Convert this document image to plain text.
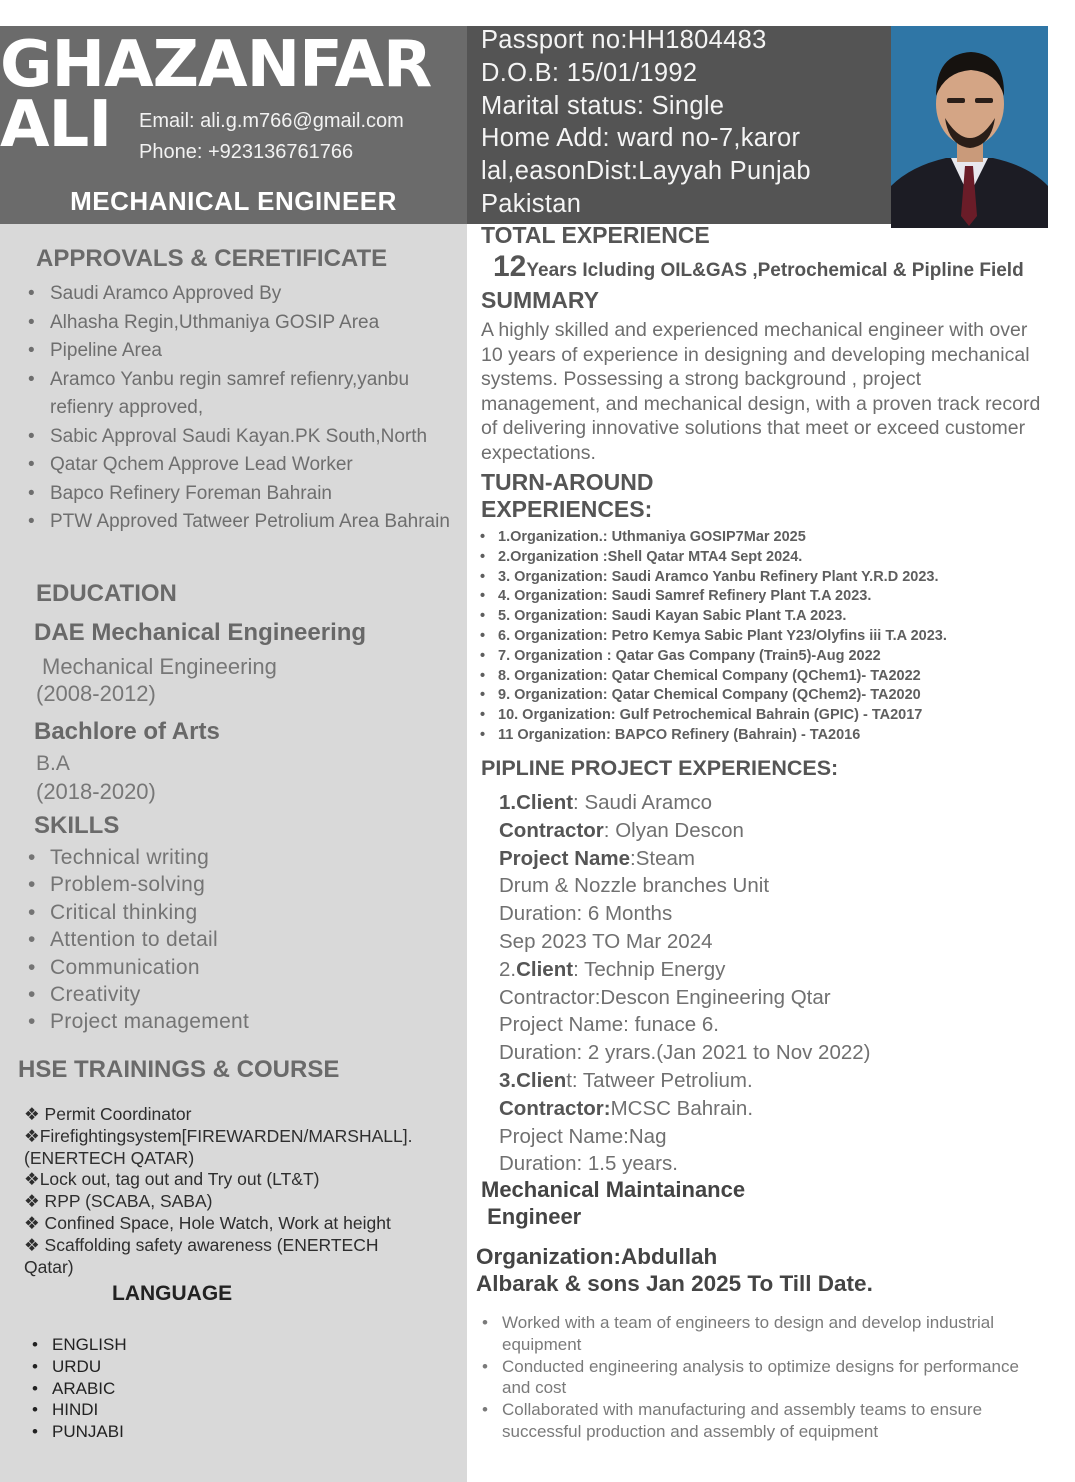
GHAZANFAR
ALI Email: ali.g.m766@gmail.com
Phone: +923136761766
MECHANICAL ENGINEER
APPROVALS & CERETIFICATE
• Saudi Aramco Approved By
• Alhasha Regin,Uthmaniya GOSIP Area
• Pipeline Area
• Aramco Yanbu regin samref refienry,yanbu refienry approved,
• Sabic Approval Saudi Kayan.PK South,North
• Qatar Qchem Approve Lead Worker
• Bapco Refinery Foreman Bahrain
• PTW Approved Tatweer Petrolium Area Bahrain
EDUCATION
DAE Mechanical Engineering
Mechanical Engineering
(2008-2012)
Bachlore of Arts
B.A
(2018-2020)
SKILLS
• Technical writing
• Problem-solving
• Critical thinking
• Attention to detail
• Communication
• Creativity
• Project management
HSE TRAININGS & COURSE
❖ Permit Coordinator
❖Firefightingsystem[FIREWARDEN/MARSHALL].
(ENERTECH QATAR)
❖Lock out, tag out and Try out (LT&T)
❖ RPP (SCABA, SABA)
❖ Confined Space, Hole Watch, Work at height
❖ Scaffolding safety awareness (ENERTECH
Qatar)
LANGUAGE
• ENGLISH
• URDU
• ARABIC
• HINDI
• PUNJABI
Passport no:HH1804483
D.O.B: 15/01/1992
Marital status: Single
Home Add: ward no-7,karor
lal,easonDist:Layyah Punjab
Pakistan
TOTAL EXPERIENCE
12Years Icluding OIL&GAS ,Petrochemical & Pipline Field
SUMMARY
A highly skilled and experienced mechanical engineer with over 10 years of experience in designing and developing mechanical systems. Possessing a strong background , project management, and mechanical design, with a proven track record of delivering innovative solutions that meet or exceed customer expectations.
TURN-AROUND
EXPERIENCES:
• 1.Organization.: Uthmaniya GOSIP7Mar 2025
• 2.Organization :Shell Qatar MTA4 Sept 2024.
• 3. Organization: Saudi Aramco Yanbu Refinery Plant Y.R.D 2023.
• 4. Organization: Saudi Samref Refinery Plant T.A 2023.
• 5. Organization: Saudi Kayan Sabic Plant T.A 2023.
• 6. Organization: Petro Kemya Sabic Plant Y23/Olyfins iii T.A 2023.
• 7. Organization : Qatar Gas Company (Train5)-Aug 2022
• 8. Organization: Qatar Chemical Company (QChem1)- TA2022
• 9. Organization: Qatar Chemical Company (QChem2)- TA2020
• 10. Organization: Gulf Petrochemical Bahrain (GPIC) - TA2017
• 11 Organization: BAPCO Refinery (Bahrain) - TA2016
PIPLINE PROJECT EXPERIENCES:
1.Client: Saudi Aramco
Contractor: Olyan Descon
Project Name:Steam
Drum & Nozzle branches Unit
Duration: 6 Months
Sep 2023 TO Mar 2024
2.Client: Technip Energy
Contractor:Descon Engineering Qtar
Project Name: funace 6.
Duration: 2 yrars.(Jan 2021 to Nov 2022)
3.Client: Tatweer Petrolium.
Contractor:MCSC Bahrain.
Project Name:Nag
Duration: 1.5 years.
Mechanical Maintainance
Engineer
Organization:Abdullah
Albarak & sons Jan 2025 To Till Date.
• Worked with a team of engineers to design and develop industrial equipment
• Conducted engineering analysis to optimize designs for performance and cost
• Collaborated with manufacturing and assembly teams to ensure successful production and assembly of equipment
